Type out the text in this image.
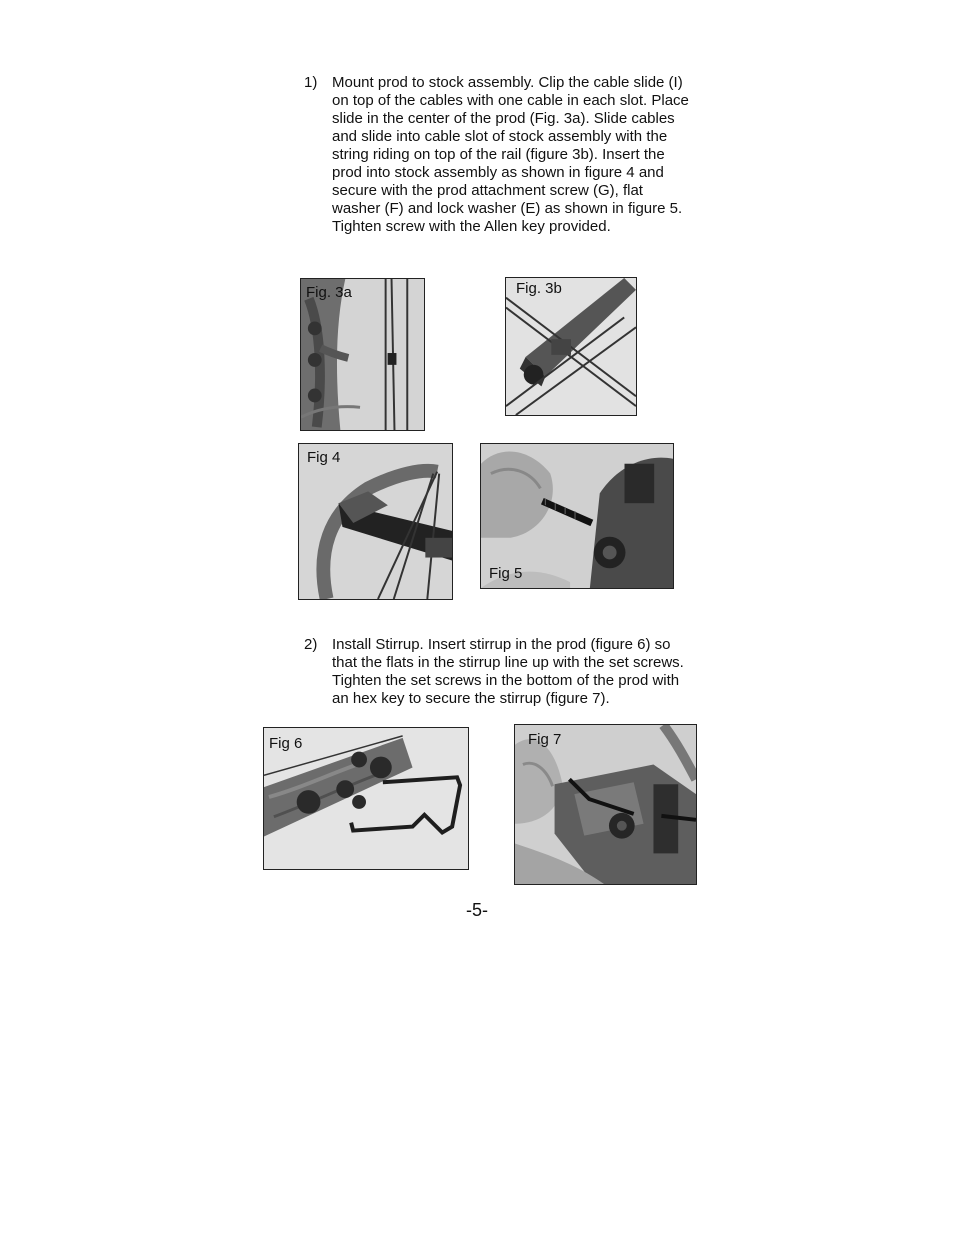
1) Mount prod to stock assembly. Clip the cable slide (I)
on top of the cables with one cable in each slot. Place
slide in the center of the prod (Fig. 3a). Slide cables
and slide into cable slot of stock assembly with the
string riding on top of the rail (figure 3b). Insert the
prod into stock assembly as shown in figure 4 and
secure with the prod attachment screw (G), flat
washer (F) and lock washer (E) as shown in figure 5.
Tighten screw with the Allen key provided.
Fig. 3a	Fig. 3b
Fig 4
Fig 5
2) Install Stirrup. Insert stirrup in the prod (figure 6) so
that the flats in the stirrup line up with the set screws.
Tighten the set screws in the bottom of the prod with
an hex key to secure the stirrup (figure 7).
Fig 6	Fig 7
-5-
